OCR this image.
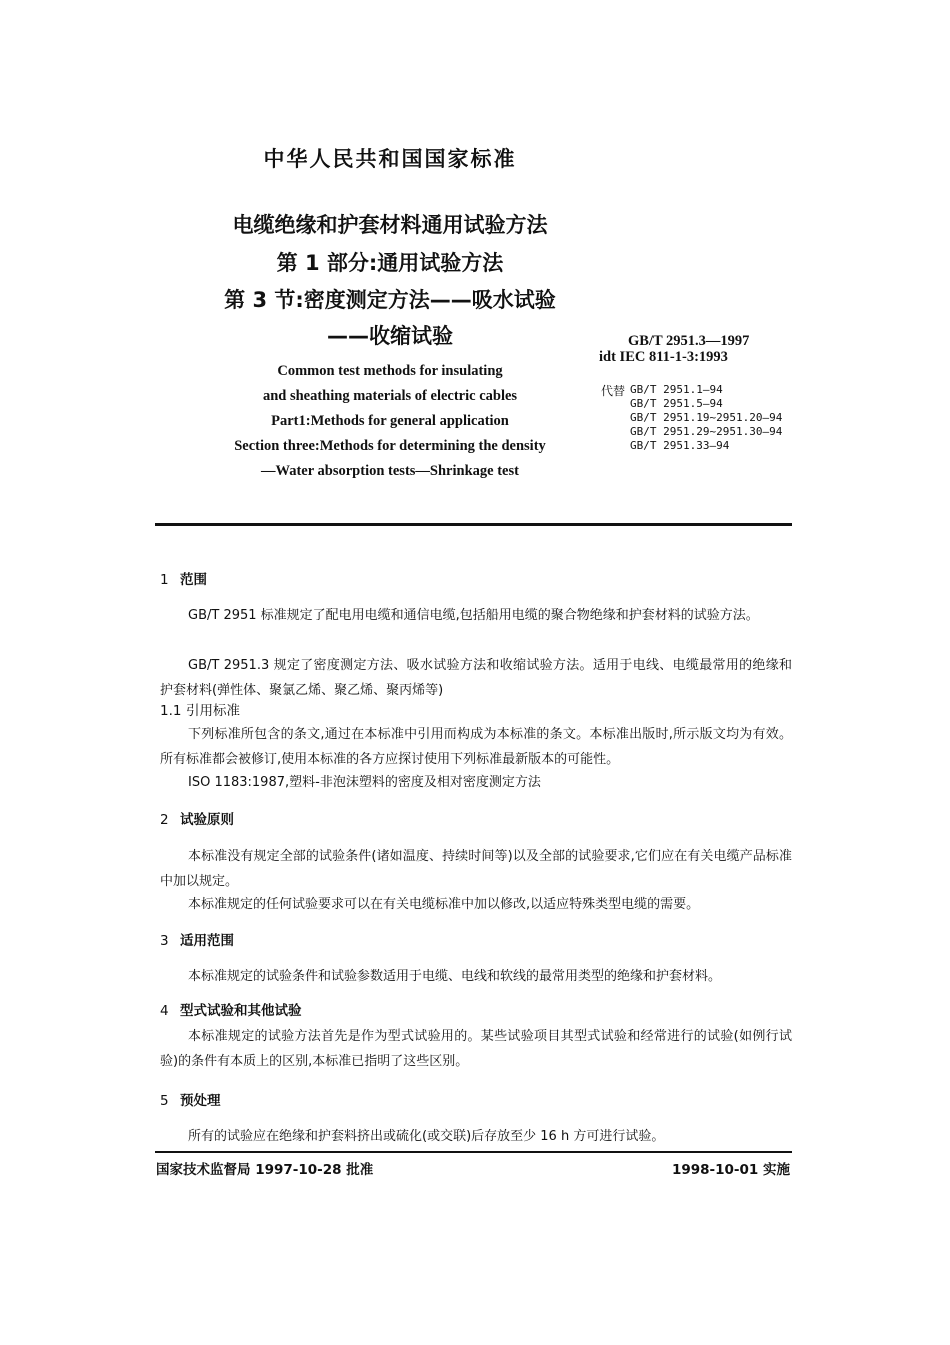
中华人民共和国国家标准
电缆绝缘和护套材料通用试验方法
第 1 部分:通用试验方法
第 3 节:密度测定方法——吸水试验
——收缩试验
Common test methods for insulating
and sheathing materials of electric cables
Part1:Methods for general application
Section three:Methods for determining the density
—Water absorption tests—Shrinkage test
GB/T 2951.3—1997
idt IEC 811-1-3:1993
代替 GB/T 2951.1—94
GB/T 2951.5—94
GB/T 2951.19~2951.20—94
GB/T 2951.29~2951.30—94
GB/T 2951.33—94
1 范围
GB/T 2951 标准规定了配电用电缆和通信电缆,包括船用电缆的聚合物绝缘和护套材料的试验方法。
GB/T 2951.3 规定了密度测定方法、吸水试验方法和收缩试验方法。适用于电线、电缆最常用的绝缘和护套材料(弹性体、聚氯乙烯、聚乙烯、聚丙烯等)
1.1 引用标准
下列标准所包含的条文,通过在本标准中引用而构成为本标准的条文。本标准出版时,所示版文均为有效。所有标准都会被修订,使用本标准的各方应探讨使用下列标准最新版本的可能性。
ISO 1183:1987,塑料-非泡沫塑料的密度及相对密度测定方法
2 试验原则
本标准没有规定全部的试验条件(诸如温度、持续时间等)以及全部的试验要求,它们应在有关电缆产品标准中加以规定。
本标准规定的任何试验要求可以在有关电缆标准中加以修改,以适应特殊类型电缆的需要。
3 适用范围
本标准规定的试验条件和试验参数适用于电缆、电线和软线的最常用类型的绝缘和护套材料。
4 型式试验和其他试验
本标准规定的试验方法首先是作为型式试验用的。某些试验项目其型式试验和经常进行的试验(如例行试验)的条件有本质上的区别,本标准已指明了这些区别。
5 预处理
所有的试验应在绝缘和护套料挤出或硫化(或交联)后存放至少 16 h 方可进行试验。
国家技术监督局 1997-10-28 批准	1998-10-01 实施
